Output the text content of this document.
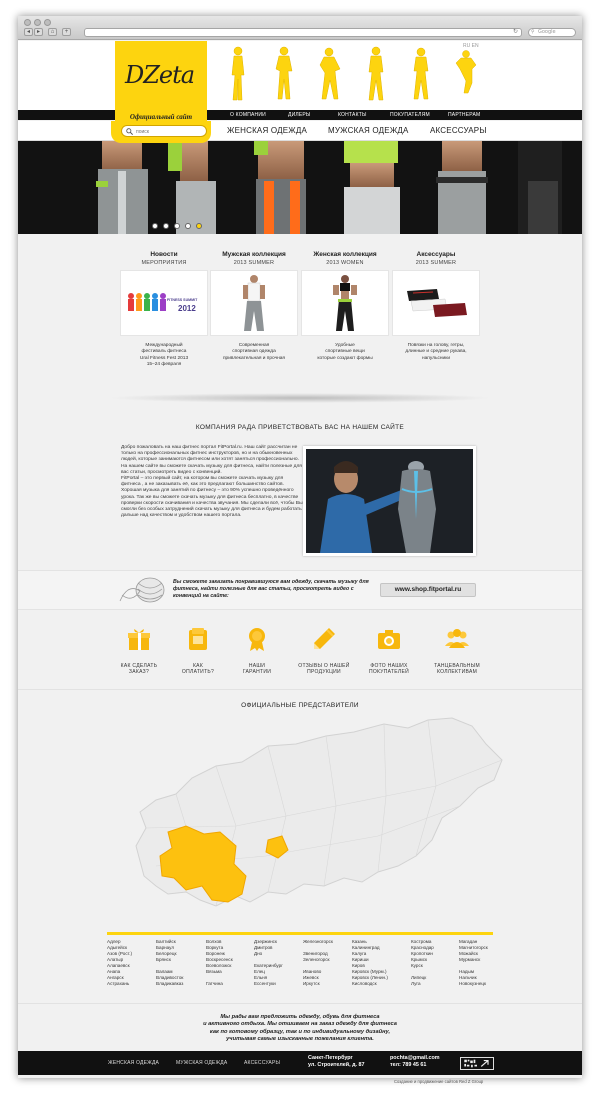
◂	▸	⌂	+	↻	⚲ Google
RU EN
DZeta
Официальный сайт	О КОМПАНИИ	ДИЛЕРЫ	КОНТАКТЫ	ПОКУПАТЕЛЯМ	ПАРТНЕРАМ
ЖЕНСКАЯ ОДЕЖДА	МУЖСКАЯ ОДЕЖДА	АКСЕССУАРЫ
поиск
Новости
МЕРОПРИЯТИЯ
FITNESS SUMMIT
2012
Международный
фестиваль фитнеса
Ural Fitness Fest 2013
15–24 февраля
Мужская коллекция
2013 SUMMER
Современная
спортивная одежда
привлекательная и прочная
Женская коллекция
2013 WOMEN
Удобные
спортивные вещи
которые создают формы
Аксессуары
2013 SUMMER
Повязки на голову, гетры,
длинные и средние рукава,
напульсники
КОМПАНИЯ РАДА ПРИВЕТСТВОВАТЬ ВАС НА НАШЕМ САЙТЕ

Добро пожаловать на наш фитнес портал FitPortal.ru. Наш сайт рассчитан не только на профессиональных фитнес инструкторов, но и на обыкновенных людей, которые занимаются фитнесом или хотят заняться профессионально. На нашем сайте вы сможете скачать музыку для фитнеса, найти полезные для вас статьи, просмотреть видео с конвенций.

FitPortal – это первый сайт, на котором вы сможете скачать музыку для фитнеса , а не заказывать её, как это предлагают большинство сайтов. Хорошая музыка для занятий по фитнесу – это 90% успешно проведённого урока. Так же вы сможете скачать музыку для фитнеса бесплатно, в качестве проверки скорости скачивания и качества звучания. Мы сделали всё, чтобы Вы смогли без особых затруднений скачать музыку для фитнеса и будем работать дальше над качеством и удобством нашего портала.

Вы сможете заказать понравившуюся вам одежду, скачать музыку для фитнеса, найти полезные для вас статьи, просмотреть видео с конвенций на сайте:
www.shop.fitportal.ru
КАК СДЕЛАТЬ
ЗАКАЗ?
КАК
ОПЛАТИТЬ?
НАШИ
ГАРАНТИИ
ОТЗЫВЫ О НАШЕЙ
ПРОДУКЦИИ
ФОТО НАШИХ
ПОКУПАТЕЛЕЙ
ТАНЦЕВАЛЬНЫМ
КОЛЛЕКТИВАМ
ОФИЦИАЛЬНЫЕ ПРЕДСТАВИТЕЛИ
Адлер
Адыгейск
Азов (Рост.)
Алатыр
Алапаевск
Анапа
Ангарск
Астрахань
Балтийск
Барнаул
Белорецк
Брянск
Валаам
Владивосток
Владикавказ
Волхов
Воркута
Воронеж
Воскресенск
Всеволожск
Вязьма
Гатчина
Дзержинск
Дмитров
Дно
Екатеринбург
Елец
Ельня
Ессентуки
Железногорск
Звенигород
Зеленогорск
Иваново
Ижевск
Иркутск
Казань
Калининград
Калуга
Кириши
Киров
Кировск (Мурм.)
Кировск (Ленин.)
Кисловодск
Кострома
Краснодар
Кропоткин
Крымск
Курск
Липецк
Луга
Магадан
Магнитогорск
Можайск
Мурманск
Надым
Нальчик
Новокузнецк
Мы рады вам предложить одежду, обувь для фитнеса
и активного отдыха. Мы отшиваем на заказ одежду для фитнеса
как по готовому образцу, так и по индивидуальному дизайну,
учитывая самые изысканные пожелания клиента.
ЖЕНСКАЯ ОДЕЖДА	МУЖСКАЯ ОДЕЖДА	АКСЕССУАРЫ
Санкт-Петербург
ул. Строителей, д. 87
pochta@gmail.com
тел: 789 45 61
Создание и продвижение сайтов Red Z Group
